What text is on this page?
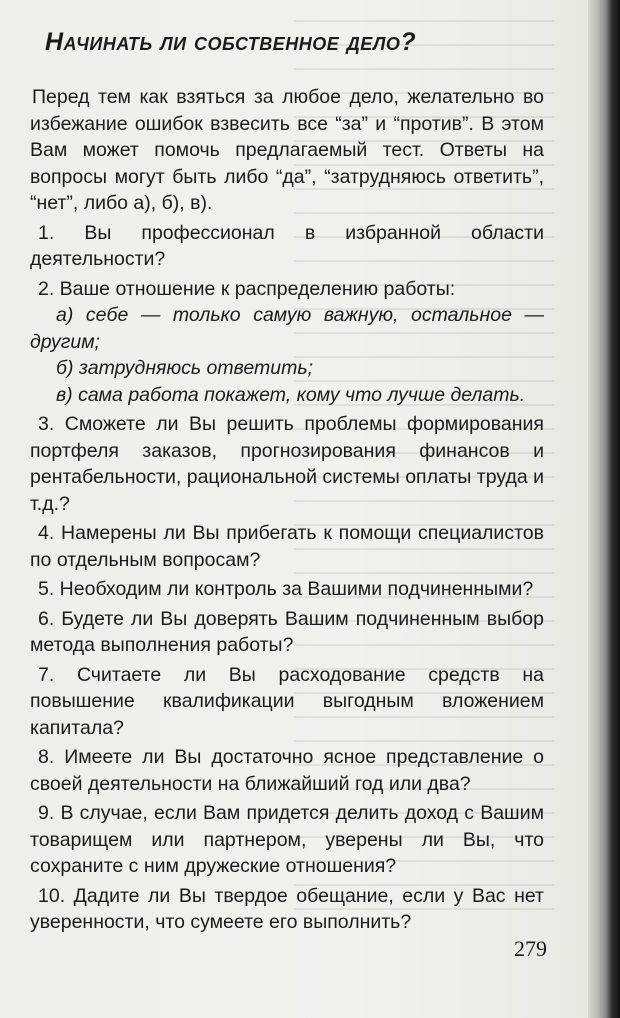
Начинать ли собственное дело?

Перед тем как взяться за любое дело, желательно во избежание ошибок взвесить все “за” и “против”. В этом Вам может помочь предлагаемый тест. Ответы на вопросы могут быть либо “да”, “затрудняюсь ответить”, “нет”, либо а), б), в).

1. Вы профессионал в избранной области деятельности?

2. Ваше отношение к распределению работы:

а) себе — только самую важную, остальное — другим;

б) затрудняюсь ответить;

в) сама работа покажет, кому что лучше делать.

3. Сможете ли Вы решить проблемы формирования портфеля заказов, прогнозирования финансов и рентабельности, рациональной системы оплаты труда и т.д.?

4. Намерены ли Вы прибегать к помощи специалистов по отдельным вопросам?

5. Необходим ли контроль за Вашими подчиненными?

6. Будете ли Вы доверять Вашим подчиненным выбор метода выполнения работы?

7. Считаете ли Вы расходование средств на повышение квалификации выгодным вложением капитала?

8. Имеете ли Вы достаточно ясное представление о своей деятельности на ближайший год или два?

9. В случае, если Вам придется делить доход с Вашим товарищем или партнером, уверены ли Вы, что сохраните с ним дружеские отношения?

10. Дадите ли Вы твердое обещание, если у Вас нет уверенности, что сумеете его выполнить?

279
